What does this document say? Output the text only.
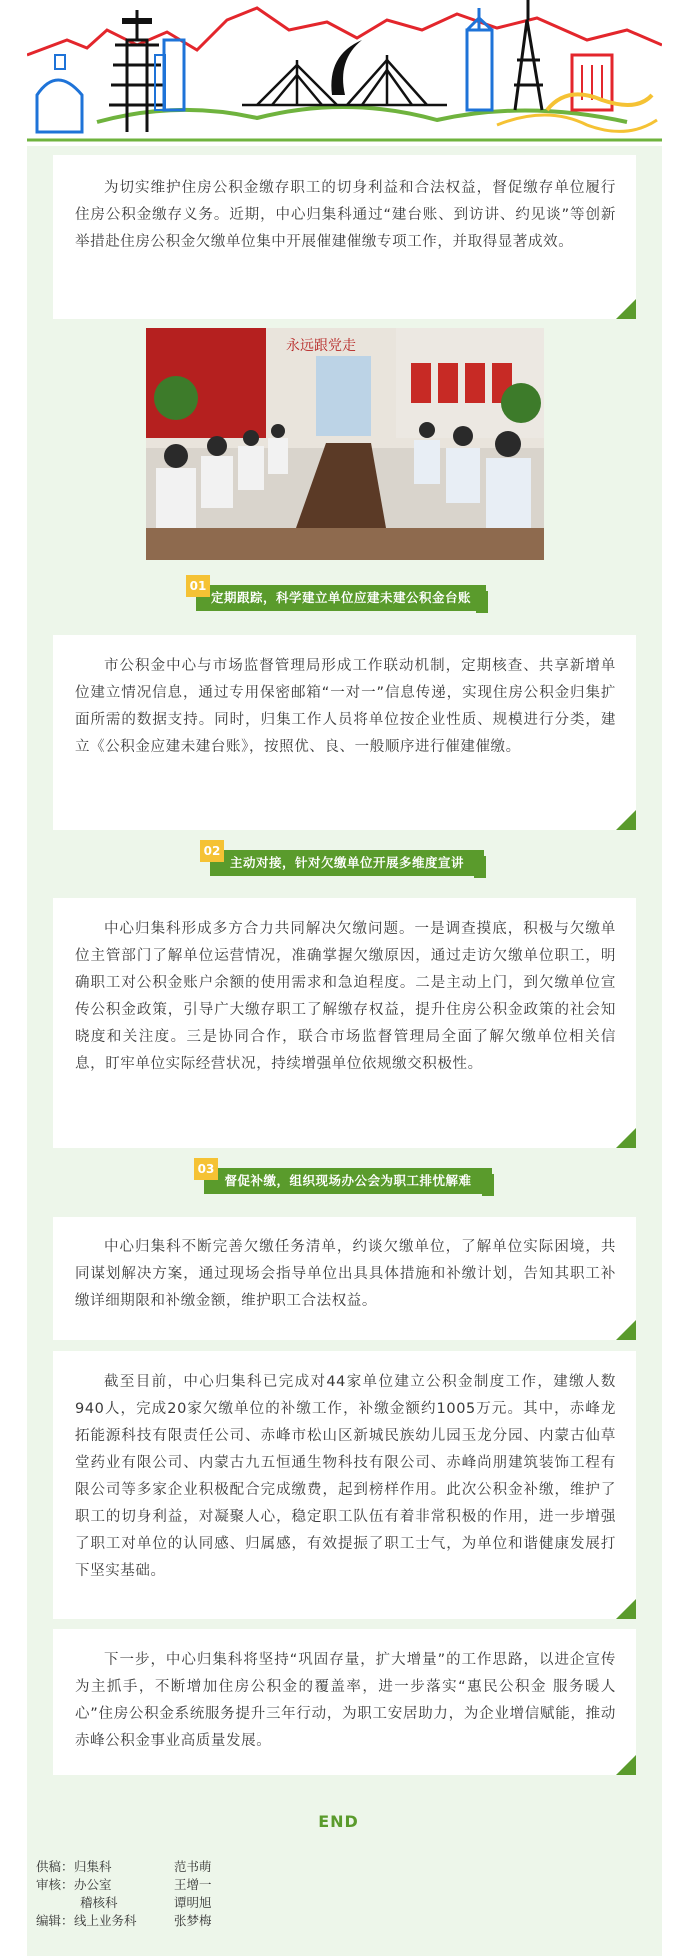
为切实维护住房公积金缴存职工的切身利益和合法权益，督促缴存单位履行住房公积金缴存义务。近期，中心归集科通过“建台账、到访讲、约见谈”等创新举措赴住房公积金欠缴单位集中开展催建催缴专项工作，并取得显著成效。

永远跟党走
定期跟踪，科学建立单位应建未建公积金台账
01

市公积金中心与市场监督管理局形成工作联动机制，定期核查、共享新增单位建立情况信息，通过专用保密邮箱“一对一”信息传递，实现住房公积金归集扩面所需的数据支持。同时，归集工作人员将单位按企业性质、规模进行分类，建立《公积金应建未建台账》，按照优、良、一般顺序进行催建催缴。

主动对接，针对欠缴单位开展多维度宣讲
02

中心归集科形成多方合力共同解决欠缴问题。一是调查摸底，积极与欠缴单位主管部门了解单位运营情况，准确掌握欠缴原因，通过走访欠缴单位职工，明确职工对公积金账户余额的使用需求和急迫程度。二是主动上门，到欠缴单位宣传公积金政策，引导广大缴存职工了解缴存权益，提升住房公积金政策的社会知晓度和关注度。三是协同合作，联合市场监督管理局全面了解欠缴单位相关信息，盯牢单位实际经营状况，持续增强单位依规缴交积极性。

督促补缴，组织现场办公会为职工排忧解难
03

中心归集科不断完善欠缴任务清单，约谈欠缴单位，了解单位实际困境，共同谋划解决方案，通过现场会指导单位出具具体措施和补缴计划，告知其职工补缴详细期限和补缴金额，维护职工合法权益。

截至目前，中心归集科已完成对44家单位建立公积金制度工作，建缴人数940人，完成20家欠缴单位的补缴工作，补缴金额约1005万元。其中，赤峰龙拓能源科技有限责任公司、赤峰市松山区新城民族幼儿园玉龙分园、内蒙古仙草堂药业有限公司、内蒙古九五恒通生物科技有限公司、赤峰尚朋建筑装饰工程有限公司等多家企业积极配合完成缴费，起到榜样作用。此次公积金补缴，维护了职工的切身利益，对凝聚人心，稳定职工队伍有着非常积极的作用，进一步增强了职工对单位的认同感、归属感，有效提振了职工士气，为单位和谐健康发展打下坚实基础。

下一步，中心归集科将坚持“巩固存量，扩大增量”的工作思路，以进企宣传为主抓手，不断增加住房公积金的覆盖率，进一步落实“惠民公积金 服务暖人心”住房公积金系统服务提升三年行动，为职工安居助力，为企业增信赋能，推动赤峰公积金事业高质量发展。

END
供稿：归集科	范书萌
审核：办公室	王增一
稽核科	谭明旭
编辑：线上业务科	张梦梅
